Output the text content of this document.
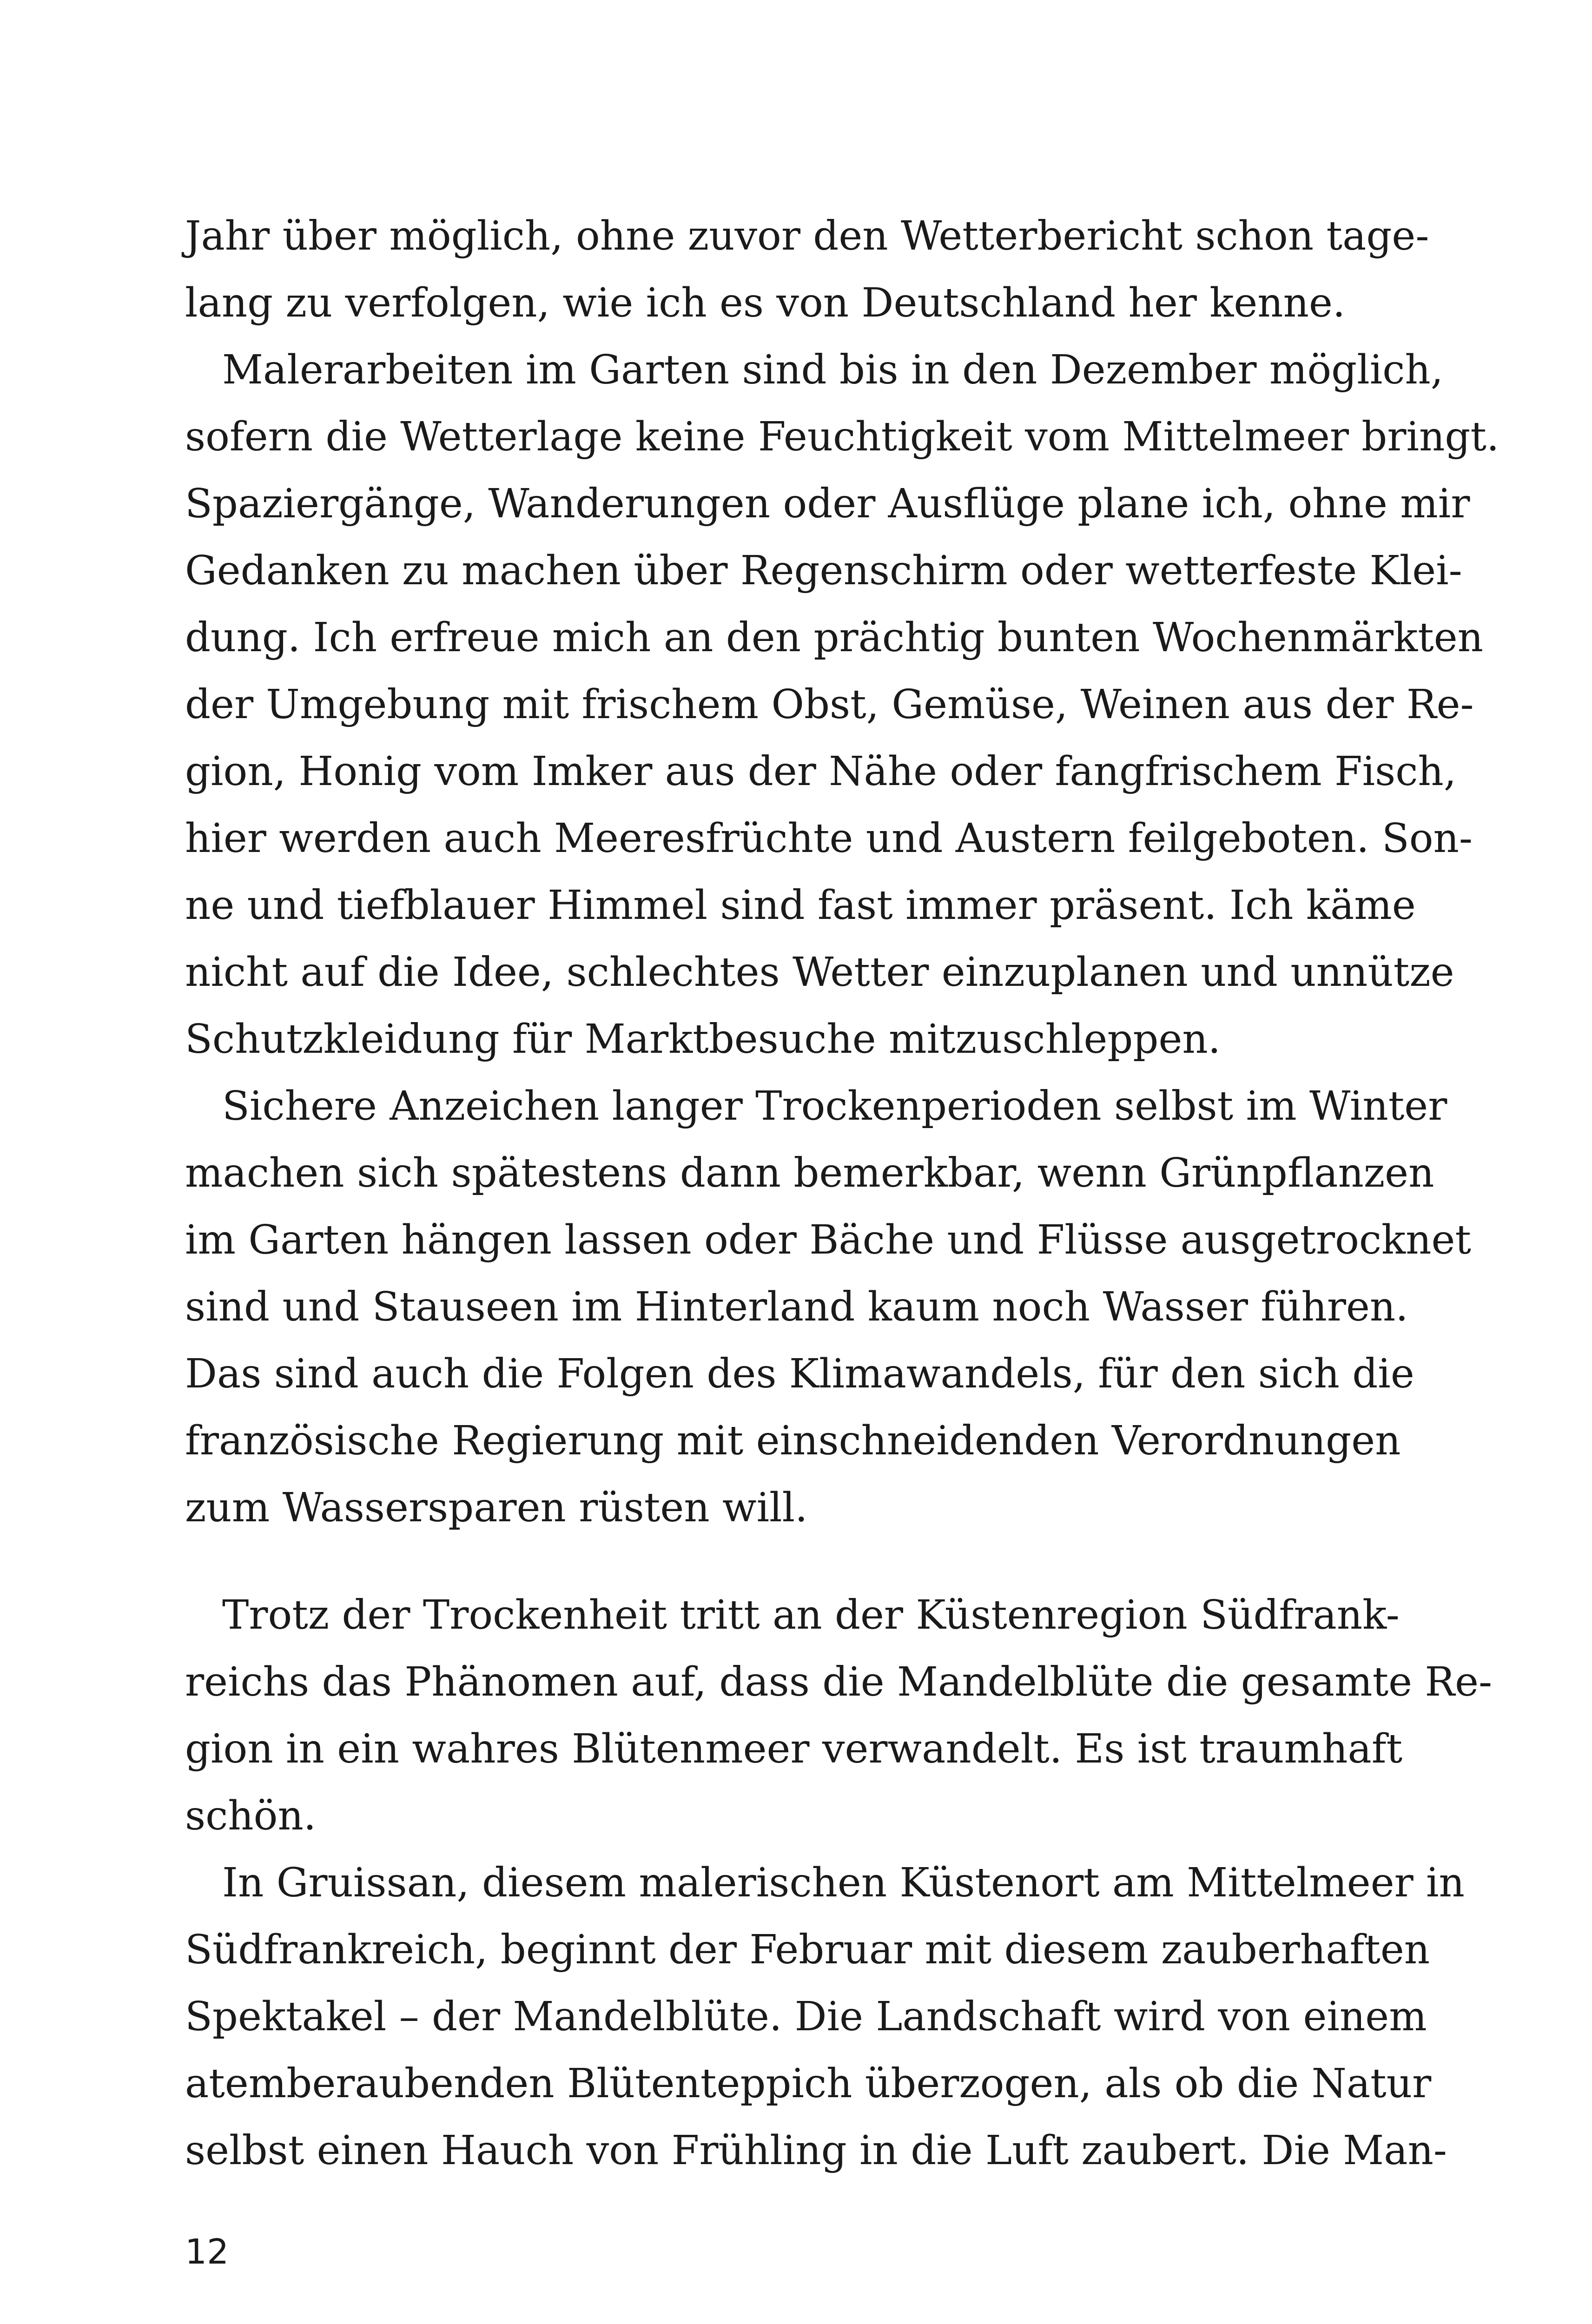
Jahr über möglich, ohne zuvor den Wetterbericht schon tage-
lang zu verfolgen, wie ich es von Deutschland her kenne.
Malerarbeiten im Garten sind bis in den Dezember möglich,
sofern die Wetterlage keine Feuchtigkeit vom Mittelmeer bringt.
Spaziergänge, Wanderungen oder Ausflüge plane ich, ohne mir
Gedanken zu machen über Regenschirm oder wetterfeste Klei-
dung. Ich erfreue mich an den prächtig bunten Wochenmärkten
der Umgebung mit frischem Obst, Gemüse, Weinen aus der Re-
gion, Honig vom Imker aus der Nähe oder fangfrischem Fisch,
hier werden auch Meeresfrüchte und Austern feilgeboten. Son-
ne und tiefblauer Himmel sind fast immer präsent. Ich käme
nicht auf die Idee, schlechtes Wetter einzuplanen und unnütze
Schutzkleidung für Marktbesuche mitzuschleppen.
Sichere Anzeichen langer Trockenperioden selbst im Winter
machen sich spätestens dann bemerkbar, wenn Grünpflanzen
im Garten hängen lassen oder Bäche und Flüsse ausgetrocknet
sind und Stauseen im Hinterland kaum noch Wasser führen.
Das sind auch die Folgen des Klimawandels, für den sich die
französische Regierung mit einschneidenden Verordnungen
zum Wassersparen rüsten will.
Trotz der Trockenheit tritt an der Küstenregion Südfrank-
reichs das Phänomen auf, dass die Mandelblüte die gesamte Re-
gion in ein wahres Blütenmeer verwandelt. Es ist traumhaft
schön.
In Gruissan, diesem malerischen Küstenort am Mittelmeer in
Südfrankreich, beginnt der Februar mit diesem zauberhaften
Spektakel – der Mandelblüte. Die Landschaft wird von einem
atemberaubenden Blütenteppich überzogen, als ob die Natur
selbst einen Hauch von Frühling in die Luft zaubert. Die Man-
12
